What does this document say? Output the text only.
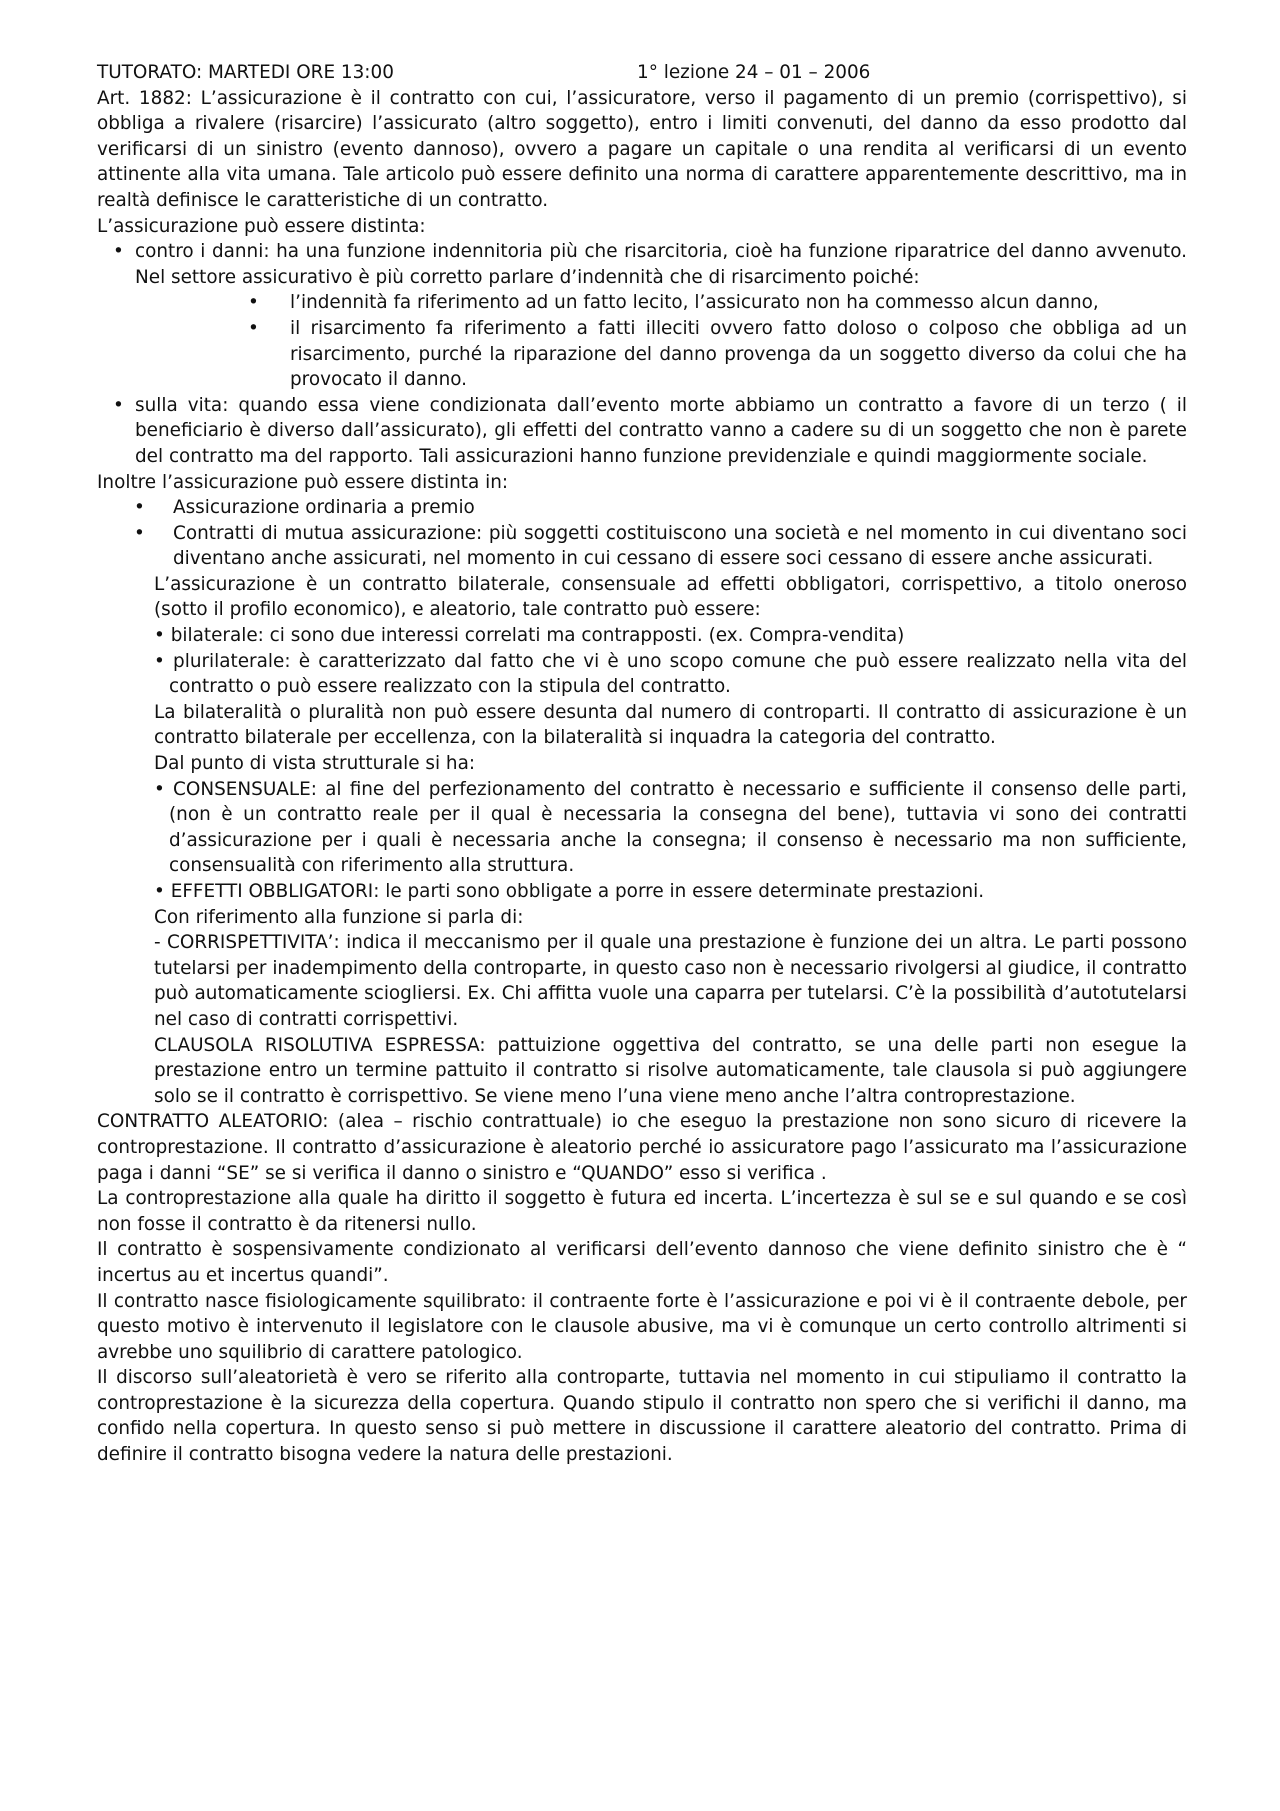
TUTORATO: MARTEDI ORE 13:00	1° lezione 24 – 01 – 2006

Art. 1882: L’assicurazione è il contratto con cui, l’assicuratore, verso il pagamento di un premio (corrispettivo), si obbliga a rivalere (risarcire) l’assicurato (altro soggetto), entro i limiti convenuti, del danno da esso prodotto dal verificarsi di un sinistro (evento dannoso), ovvero a pagare un capitale o una rendita al verificarsi di un evento attinente alla vita umana. Tale articolo può essere definito una norma di carattere apparentemente descrittivo, ma in realtà definisce le caratteristiche di un contratto.

L’assicurazione può essere distinta:

• contro i danni: ha una funzione indennitoria più che risarcitoria, cioè ha funzione riparatrice del danno avvenuto. Nel settore assicurativo è più corretto parlare d’indennità che di risarcimento poiché:
• l’indennità fa riferimento ad un fatto lecito, l’assicurato non ha commesso alcun danno,
• il risarcimento fa riferimento a fatti illeciti ovvero fatto doloso o colposo che obbliga ad un risarcimento, purché la riparazione del danno provenga da un soggetto diverso da colui che ha provocato il danno.
• sulla vita: quando essa viene condizionata dall’evento morte abbiamo un contratto a favore di un terzo ( il beneficiario è diverso dall’assicurato), gli effetti del contratto vanno a cadere su di un soggetto che non è parete del contratto ma del rapporto. Tali assicurazioni hanno funzione previdenziale e quindi maggiormente sociale.

Inoltre l’assicurazione può essere distinta in:

• Assicurazione ordinaria a premio
• Contratti di mutua assicurazione: più soggetti costituiscono una società e nel momento in cui diventano soci diventano anche assicurati, nel momento in cui cessano di essere soci cessano di essere anche assicurati.

L’assicurazione è un contratto bilaterale, consensuale ad effetti obbligatori, corrispettivo, a titolo oneroso (sotto il profilo economico), e aleatorio, tale contratto può essere:

• bilaterale: ci sono due interessi correlati ma contrapposti. (ex. Compra-vendita)

• plurilaterale: è caratterizzato dal fatto che vi è uno scopo comune che può essere realizzato nella vita del contratto o può essere realizzato con la stipula del contratto.

La bilateralità o pluralità non può essere desunta dal numero di controparti. Il contratto di assicurazione è un contratto bilaterale per eccellenza, con la bilateralità si inquadra la categoria del contratto.

Dal punto di vista strutturale si ha:

• CONSENSUALE: al fine del perfezionamento del contratto è necessario e sufficiente il consenso delle parti, (non è un contratto reale per il qual è necessaria la consegna del bene), tuttavia vi sono dei contratti d’assicurazione per i quali è necessaria anche la consegna; il consenso è necessario ma non sufficiente, consensualità con riferimento alla struttura.

• EFFETTI OBBLIGATORI: le parti sono obbligate a porre in essere determinate prestazioni.

Con riferimento alla funzione si parla di:

- CORRISPETTIVITA’: indica il meccanismo per il quale una prestazione è funzione dei un altra. Le parti possono tutelarsi per inadempimento della controparte, in questo caso non è necessario rivolgersi al giudice, il contratto può automaticamente sciogliersi. Ex. Chi affitta vuole una caparra per tutelarsi. C’è la possibilità d’autotutelarsi nel caso di contratti corrispettivi.

CLAUSOLA RISOLUTIVA ESPRESSA: pattuizione oggettiva del contratto, se una delle parti non esegue la prestazione entro un termine pattuito il contratto si risolve automaticamente, tale clausola si può aggiungere solo se il contratto è corrispettivo. Se viene meno l’una viene meno anche l’altra controprestazione.

CONTRATTO ALEATORIO: (alea – rischio contrattuale) io che eseguo la prestazione non sono sicuro di ricevere la controprestazione. Il contratto d’assicurazione è aleatorio perché io assicuratore pago l’assicurato ma l’assicurazione paga i danni “SE” se si verifica il danno o sinistro e “QUANDO” esso si verifica .

La controprestazione alla quale ha diritto il soggetto è futura ed incerta. L’incertezza è sul se e sul quando e se così non fosse il contratto è da ritenersi nullo.

Il contratto è sospensivamente condizionato al verificarsi dell’evento dannoso che viene definito sinistro che è “ incertus au et incertus quandi”.

Il contratto nasce fisiologicamente squilibrato: il contraente forte è l’assicurazione e poi vi è il contraente debole, per questo motivo è intervenuto il legislatore con le clausole abusive, ma vi è comunque un certo controllo altrimenti si avrebbe uno squilibrio di carattere patologico.

Il discorso sull’aleatorietà è vero se riferito alla controparte, tuttavia nel momento in cui stipuliamo il contratto la controprestazione è la sicurezza della copertura. Quando stipulo il contratto non spero che si verifichi il danno, ma confido nella copertura. In questo senso si può mettere in discussione il carattere aleatorio del contratto. Prima di definire il contratto bisogna vedere la natura delle prestazioni.
